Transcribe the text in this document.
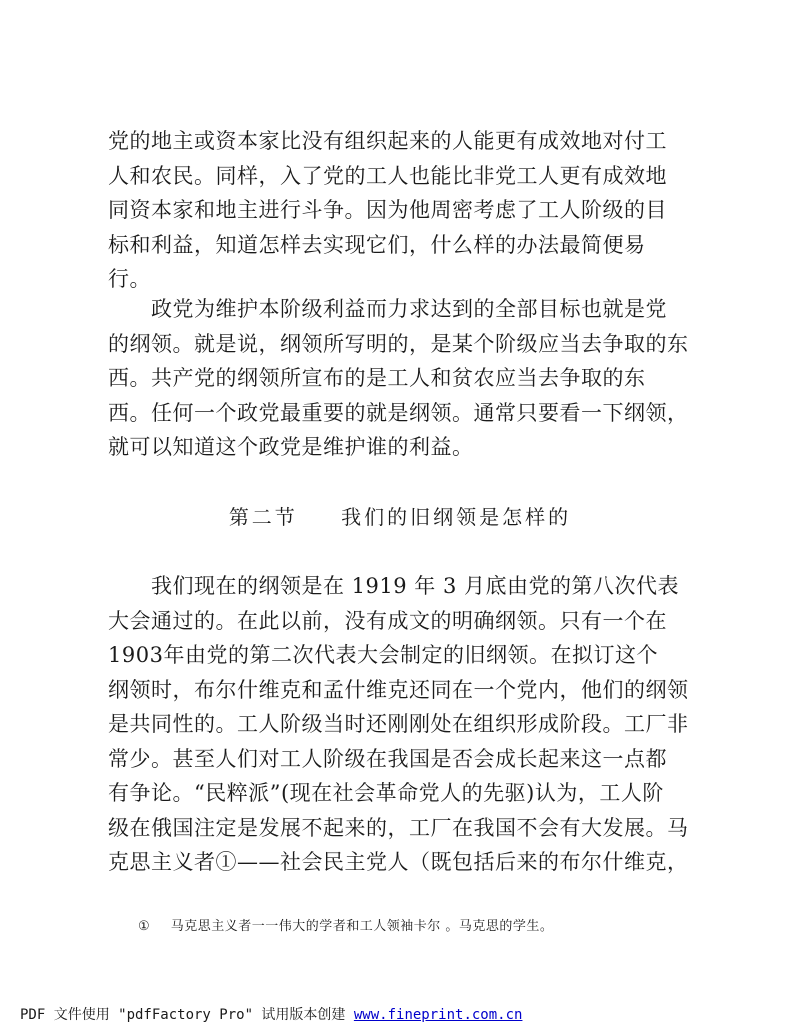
党的地主或资本家比没有组织起来的人能更有成效地对付工
人和农民。同样，入了党的工人也能比非党工人更有成效地
同资本家和地主进行斗争。因为他周密考虑了工人阶级的目
标和利益，知道怎样去实现它们，什么样的办法最简便易
行。
　　政党为维护本阶级利益而力求达到的全部目标也就是党
的纲领。就是说，纲领所写明的，是某个阶级应当去争取的东
西。共产党的纲领所宣布的是工人和贫农应当去争取的东
西。任何一个政党最重要的就是纲领。通常只要看一下纲领，
就可以知道这个政党是维护谁的利益。
第二节 我们的旧纲领是怎样的
　　我们现在的纲领是在 1919 年 3 月底由党的第八次代表
大会通过的。在此以前，没有成文的明确纲领。只有一个在
1903年由党的第二次代表大会制定的旧纲领。在拟订这个
纲领时，布尔什维克和孟什维克还同在一个党内，他们的纲领
是共同性的。工人阶级当时还刚刚处在组织形成阶段。工厂非
常少。甚至人们对工人阶级在我国是否会成长起来这一点都
有争论。“民粹派”(现在社会革命党人的先驱)认为，工人阶
级在俄国注定是发展不起来的，工厂在我国不会有大发展。马
克思主义者①——社会民主党人（既包括后来的布尔什维克，
① 马克思主义者一一伟大的学者和工人领袖卡尔 。马克思的学生。
PDF 文件使用 "pdfFactory Pro" 试用版本创建 www.fineprint.com.cn
